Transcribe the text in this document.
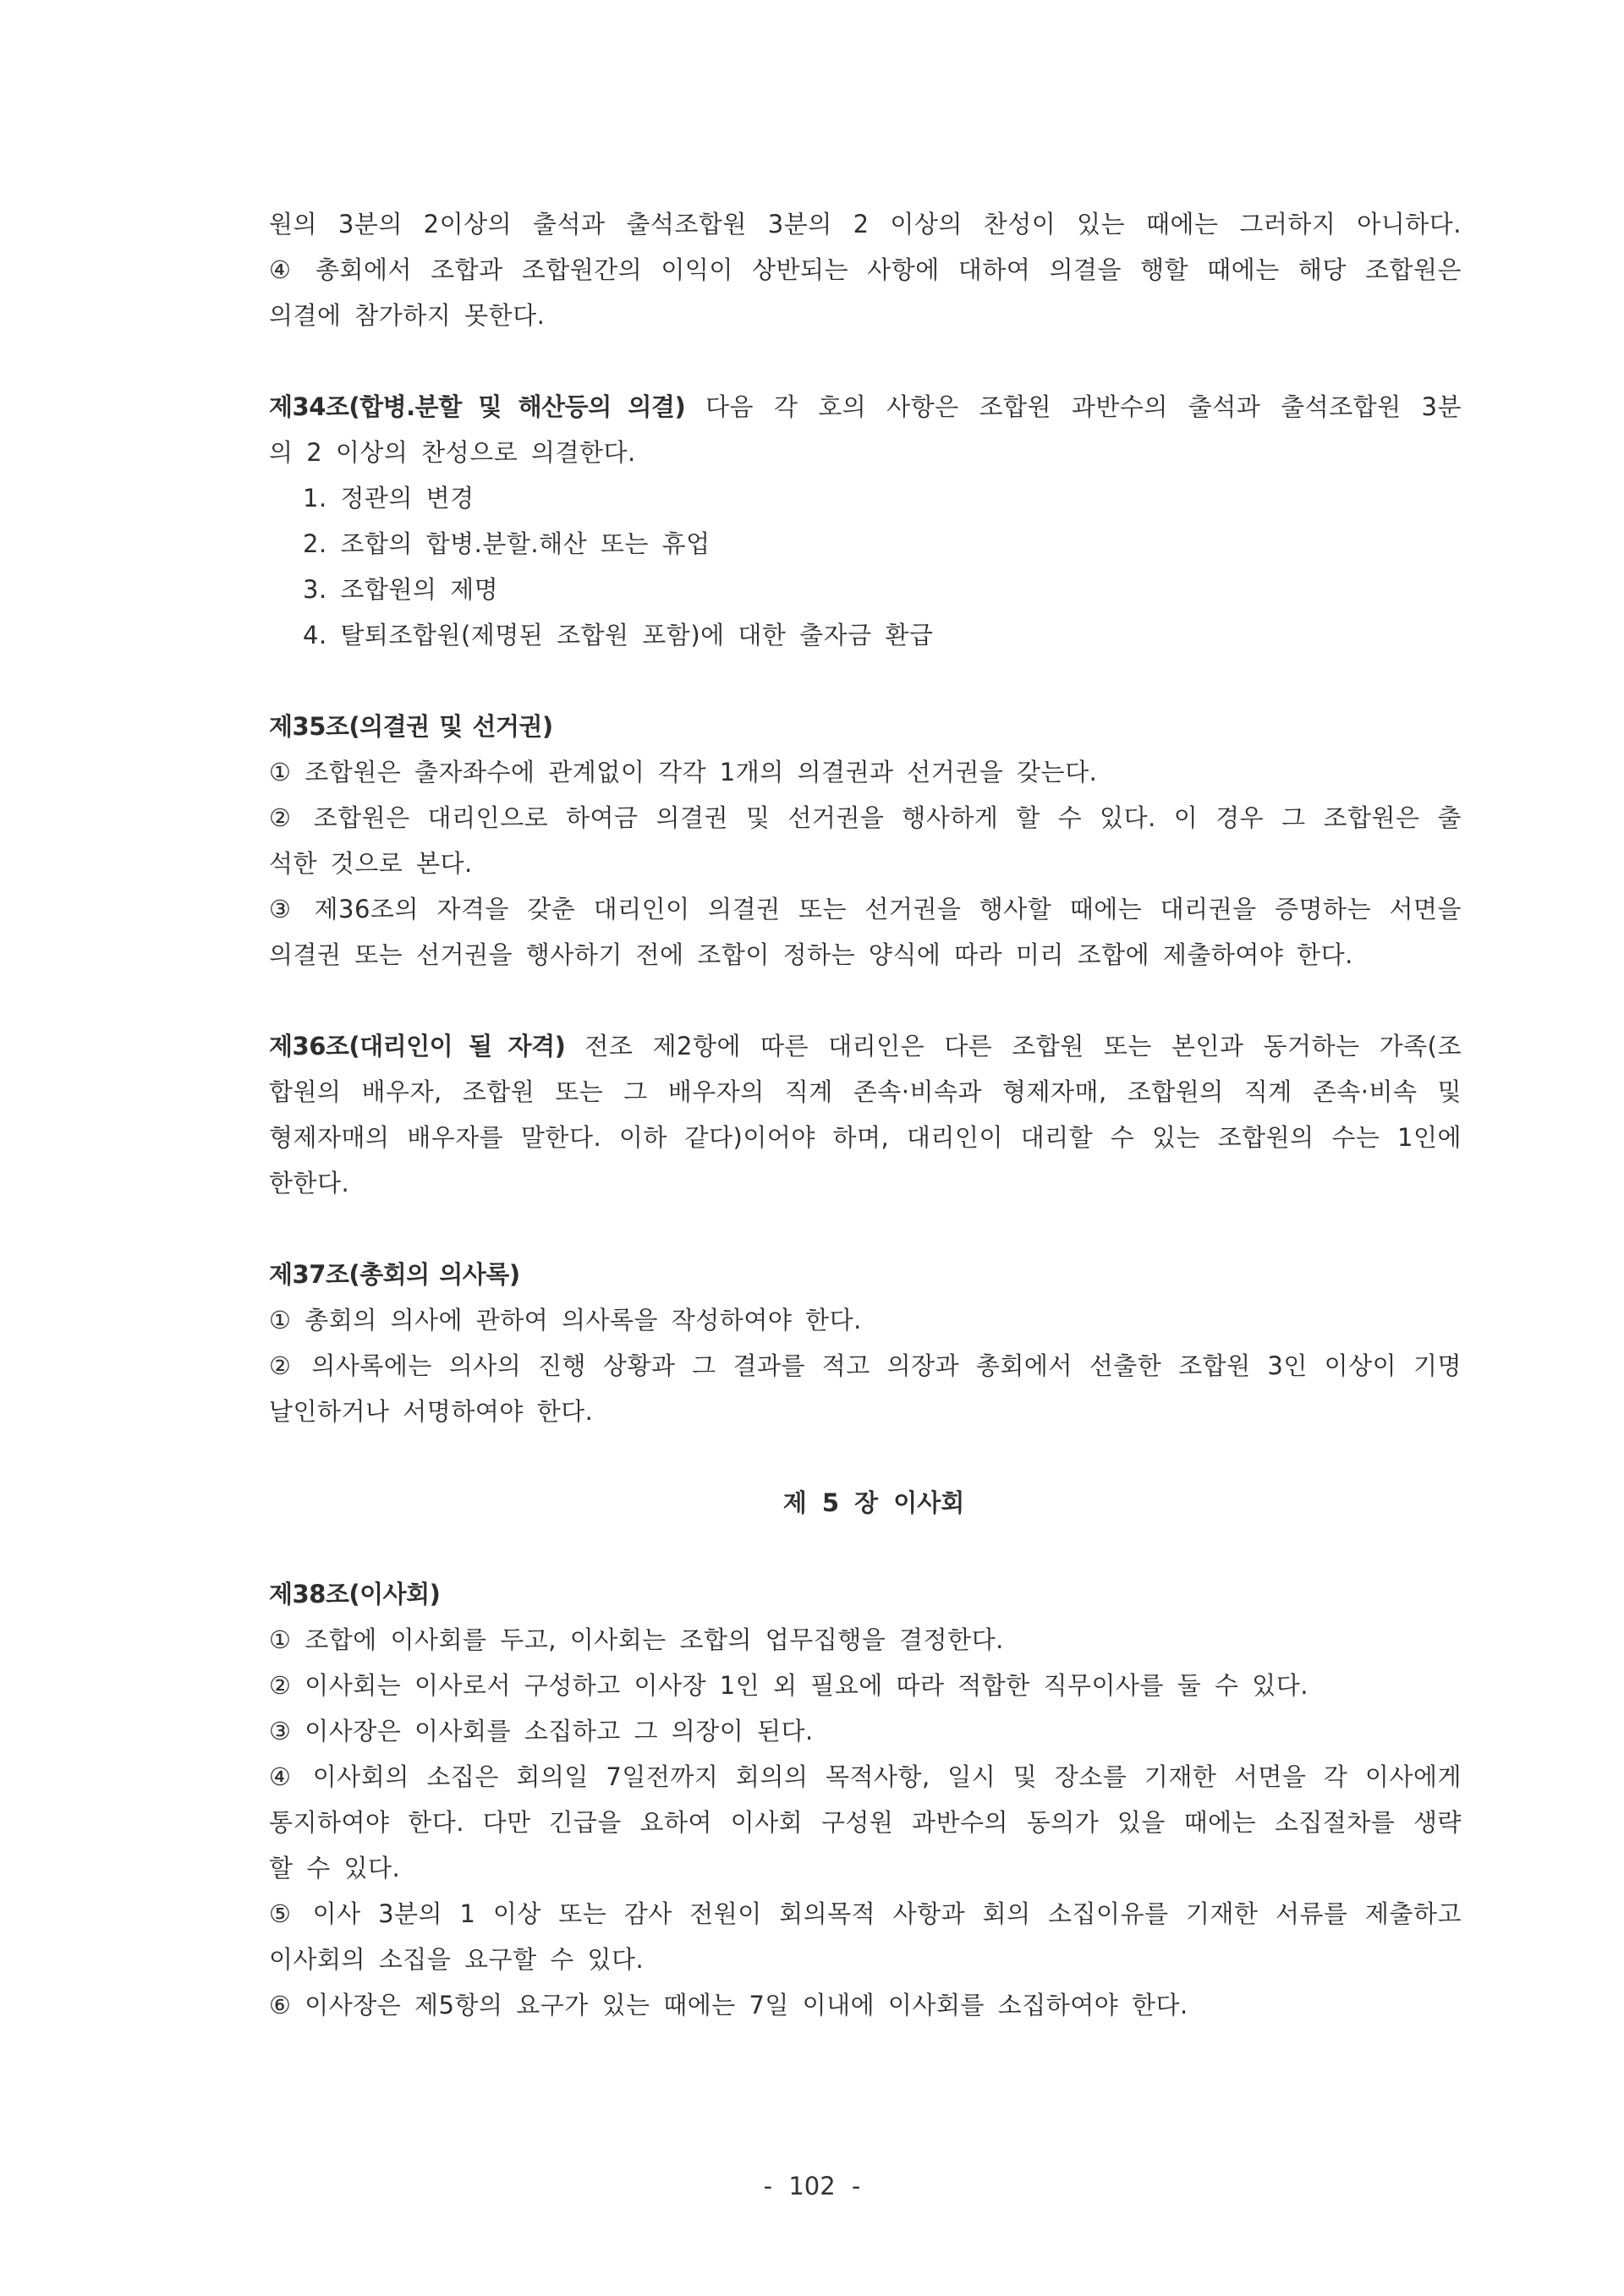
원의 3분의 2이상의 출석과 출석조합원 3분의 2 이상의 찬성이 있는 때에는 그러하지 아니하다.
④ 총회에서 조합과 조합원간의 이익이 상반되는 사항에 대하여 의결을 행할 때에는 해당 조합원은
의결에 참가하지 못한다.
제34조(합병.분할 및 해산등의 의결) 다음 각 호의 사항은 조합원 과반수의 출석과 출석조합원 3분
의 2 이상의 찬성으로 의결한다.
1. 정관의 변경
2. 조합의 합병.분할.해산 또는 휴업
3. 조합원의 제명
4. 탈퇴조합원(제명된 조합원 포함)에 대한 출자금 환급
제35조(의결권 및 선거권)
① 조합원은 출자좌수에 관계없이 각각 1개의 의결권과 선거권을 갖는다.
② 조합원은 대리인으로 하여금 의결권 및 선거권을 행사하게 할 수 있다. 이 경우 그 조합원은 출
석한 것으로 본다.
③ 제36조의 자격을 갖춘 대리인이 의결권 또는 선거권을 행사할 때에는 대리권을 증명하는 서면을
의결권 또는 선거권을 행사하기 전에 조합이 정하는 양식에 따라 미리 조합에 제출하여야 한다.
제36조(대리인이 될 자격) 전조 제2항에 따른 대리인은 다른 조합원 또는 본인과 동거하는 가족(조
합원의 배우자, 조합원 또는 그 배우자의 직계 존속·비속과 형제자매, 조합원의 직계 존속·비속 및
형제자매의 배우자를 말한다. 이하 같다)이어야 하며, 대리인이 대리할 수 있는 조합원의 수는 1인에
한한다.
제37조(총회의 의사록)
① 총회의 의사에 관하여 의사록을 작성하여야 한다.
② 의사록에는 의사의 진행 상황과 그 결과를 적고 의장과 총회에서 선출한 조합원 3인 이상이 기명
날인하거나 서명하여야 한다.
제 5 장 이사회
제38조(이사회)
① 조합에 이사회를 두고, 이사회는 조합의 업무집행을 결정한다.
② 이사회는 이사로서 구성하고 이사장 1인 외 필요에 따라 적합한 직무이사를 둘 수 있다.
③ 이사장은 이사회를 소집하고 그 의장이 된다.
④ 이사회의 소집은 회의일 7일전까지 회의의 목적사항, 일시 및 장소를 기재한 서면을 각 이사에게
통지하여야 한다. 다만 긴급을 요하여 이사회 구성원 과반수의 동의가 있을 때에는 소집절차를 생략
할 수 있다.
⑤ 이사 3분의 1 이상 또는 감사 전원이 회의목적 사항과 회의 소집이유를 기재한 서류를 제출하고
이사회의 소집을 요구할 수 있다.
⑥ 이사장은 제5항의 요구가 있는 때에는 7일 이내에 이사회를 소집하여야 한다.
- 102 -
